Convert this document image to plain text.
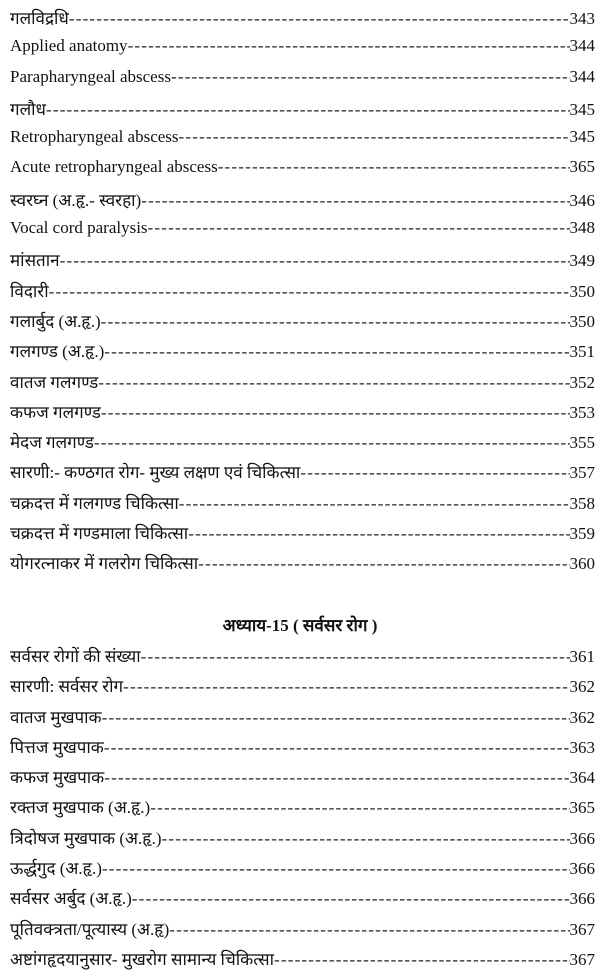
गलविद्रधि -----	343
Applied anatomy -----	344
Parapharyngeal abscess -----	344
गलौध -----	345
Retropharyngeal abscess -----	345
Acute retropharyngeal abscess -----	365
स्वरघ्न (अ.हृ.- स्वरहा) -----	346
Vocal cord paralysis -----	348
मांसतान -----	349
विदारी -----	350
गलार्बुद (अ.हृ.) -----	350
गलगण्ड (अ.हृ.) -----	351
वातज गलगण्ड -----	352
कफज गलगण्ड -----	353
मेदज गलगण्ड -----	355
सारणी:- कण्ठगत रोग- मुख्य लक्षण एवं चिकित्सा -----	357
चक्रदत्त में गलगण्ड चिकित्सा -----	358
चक्रदत्त में गण्डमाला चिकित्सा -----	359
योगरत्नाकर में गलरोग चिकित्सा -----	360
अध्याय-15 ( सर्वसर रोग )
सर्वसर रोगों की संख्या -----	361
सारणी: सर्वसर रोग -----	362
वातज मुखपाक -----	362
पित्तज मुखपाक -----	363
कफज मुखपाक -----	364
रक्तज मुखपाक (अ.हृ.) -----	365
त्रिदोषज मुखपाक (अ.हृ.) -----	366
ऊर्द्धगुद (अ.हृ.) -----	366
सर्वसर अर्बुद (अ.हृ.) -----	366
पूतिवक्त्रता/पूत्यास्य (अ.हृ) -----	367
अष्टांगहृदयानुसार- मुखरोग सामान्य चिकित्सा -----	367
